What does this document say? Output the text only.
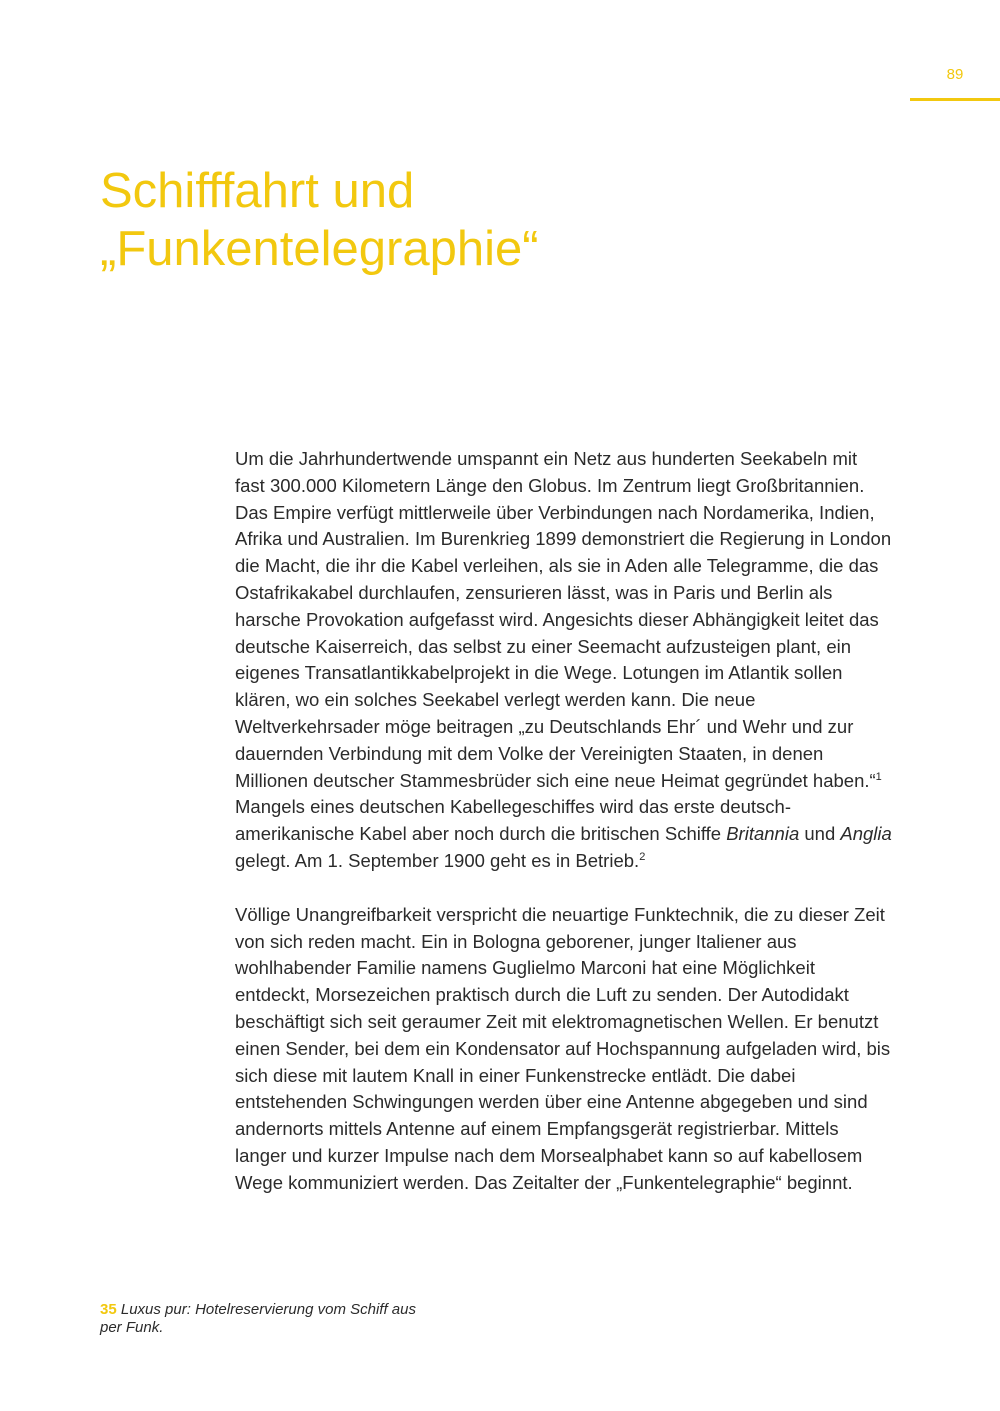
89
Schifffahrt und
„Funkentelegraphie“

Um die Jahrhundertwende umspannt ein Netz aus hunderten Seekabeln mit fast 300.000 Kilometern Länge den Globus. Im Zentrum liegt Großbritannien. Das Empire verfügt mittlerweile über Verbindungen nach Nordamerika, Indien, Afrika und Australien. Im Burenkrieg 1899 demonstriert die Regierung in London die Macht, die ihr die Kabel verleihen, als sie in Aden alle Telegramme, die das Ostafrikakabel durchlaufen, zensurieren lässt, was in Paris und Berlin als harsche Provokation aufgefasst wird. Angesichts dieser Abhängigkeit leitet das deutsche Kaiserreich, das selbst zu einer Seemacht aufzusteigen plant, ein eigenes Transatlantikkabelprojekt in die Wege. Lotungen im Atlantik sollen klären, wo ein solches Seekabel verlegt werden kann. Die neue Weltverkehrsader möge beitragen „zu Deutschlands Ehr´ und Wehr und zur dauernden Verbindung mit dem Volke der Vereinigten Staaten, in denen Millionen deutscher Stammesbrüder sich eine neue Heimat gegründet haben.“$^1$ Mangels eines deutschen Kabellegeschiffes wird das erste deutsch-amerikanische Kabel aber noch durch die britischen Schiffe Britannia und Anglia gelegt. Am 1. September 1900 geht es in Betrieb.$^2$

Völlige Unangreifbarkeit verspricht die neuartige Funktechnik, die zu dieser Zeit von sich reden macht. Ein in Bologna geborener, junger Italiener aus wohlhabender Familie namens Guglielmo Marconi hat eine Möglichkeit entdeckt, Morsezeichen praktisch durch die Luft zu senden. Der Autodidakt beschäftigt sich seit geraumer Zeit mit elektromagnetischen Wellen. Er benutzt einen Sender, bei dem ein Kondensator auf Hochspannung aufgeladen wird, bis sich diese mit lautem Knall in einer Funkenstrecke entlädt. Die dabei entstehenden Schwingungen werden über eine Antenne abgegeben und sind andernorts mittels Antenne auf einem Empfangsgerät registrierbar. Mittels langer und kurzer Impulse nach dem Morsealphabet kann so auf kabellosem Wege kommuniziert werden. Das Zeitalter der „Funkentelegraphie“ beginnt.

35 Luxus pur: Hotelreservierung vom Schiff aus per Funk.
